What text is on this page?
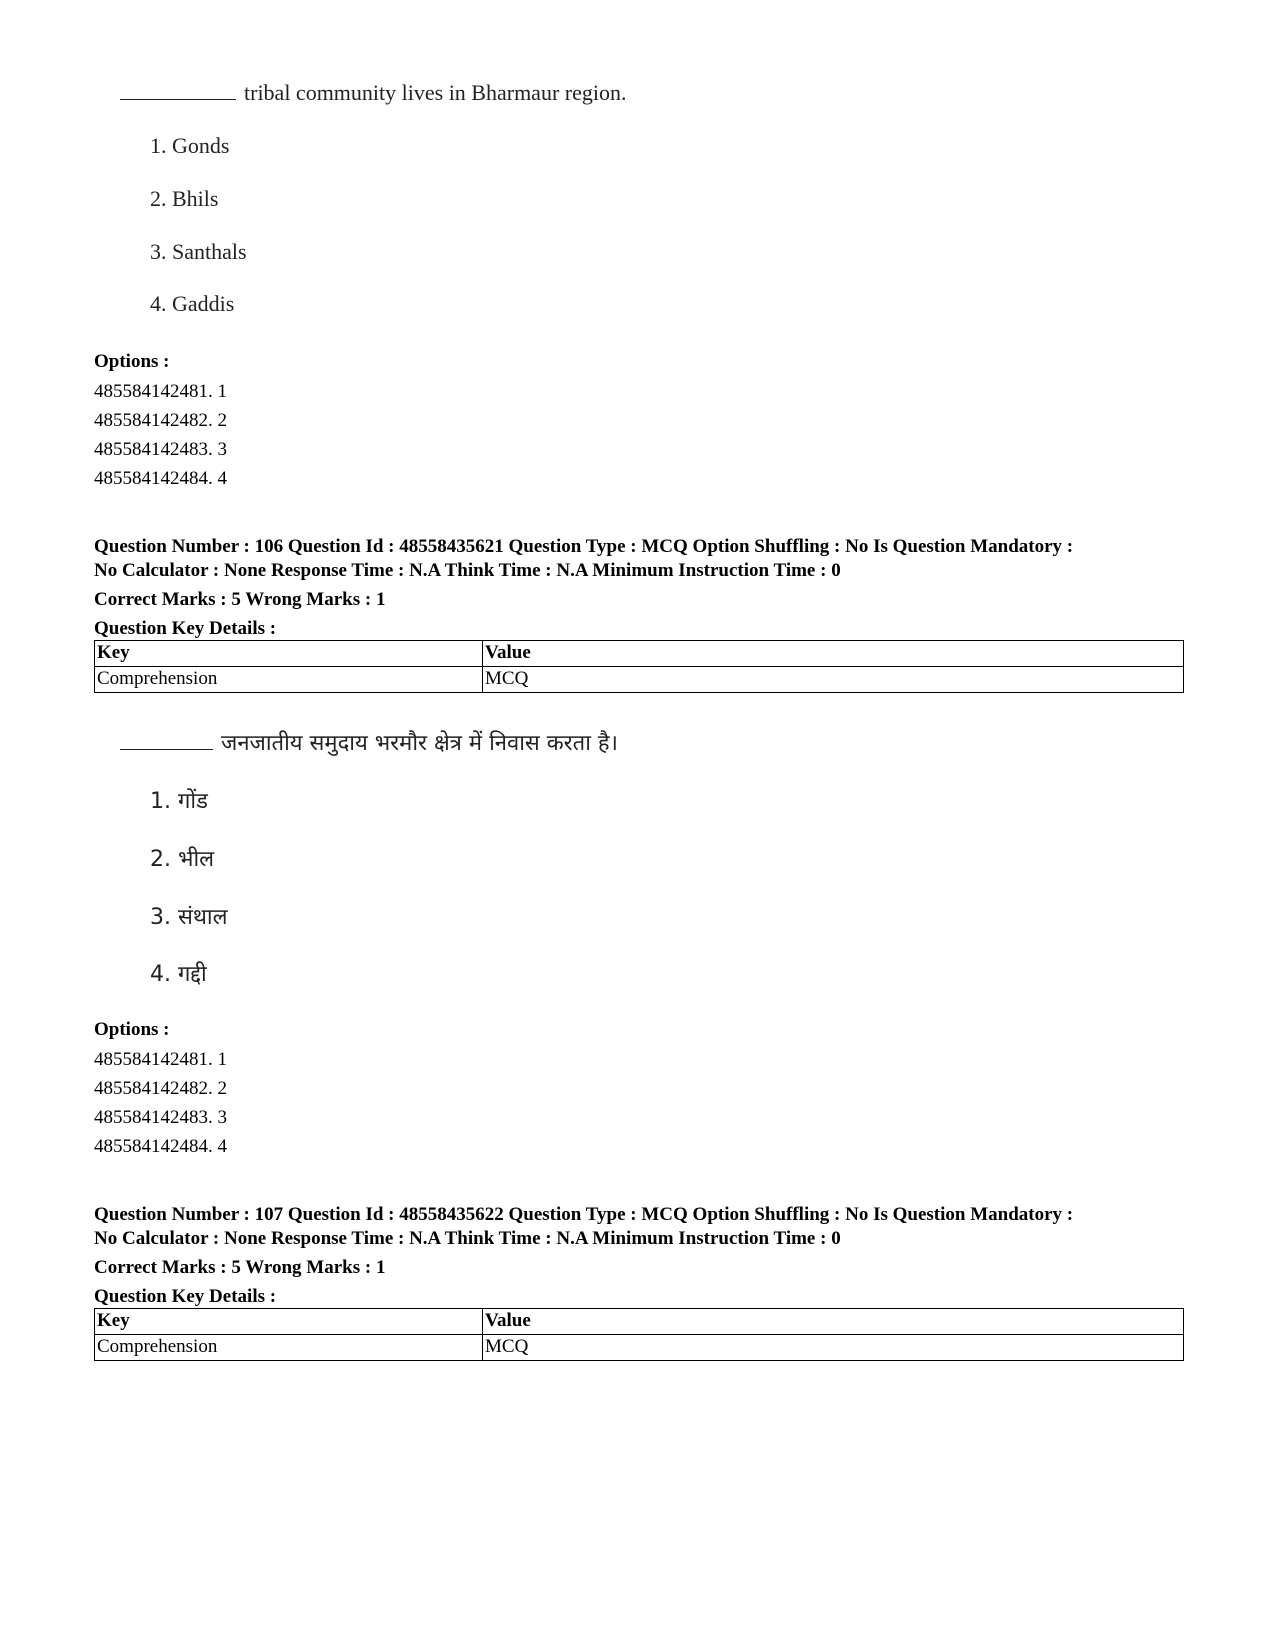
tribal community lives in Bharmaur region.
1. Gonds
2. Bhils
3. Santhals
4. Gaddis
Options :
485584142481. 1
485584142482. 2
485584142483. 3
485584142484. 4
Question Number : 106 Question Id : 48558435621 Question Type : MCQ Option Shuffling : No Is Question Mandatory :
No Calculator : None Response Time : N.A Think Time : N.A Minimum Instruction Time : 0
Correct Marks : 5 Wrong Marks : 1
Question Key Details :
Key	Value
Comprehension	MCQ
जनजातीय समुदाय भरमौर क्षेत्र में निवास करता है।
1. गोंड
2. भील
3. संथाल
4. गद्दी
Options :
485584142481. 1
485584142482. 2
485584142483. 3
485584142484. 4
Question Number : 107 Question Id : 48558435622 Question Type : MCQ Option Shuffling : No Is Question Mandatory :
No Calculator : None Response Time : N.A Think Time : N.A Minimum Instruction Time : 0
Correct Marks : 5 Wrong Marks : 1
Question Key Details :
Key	Value
Comprehension	MCQ
